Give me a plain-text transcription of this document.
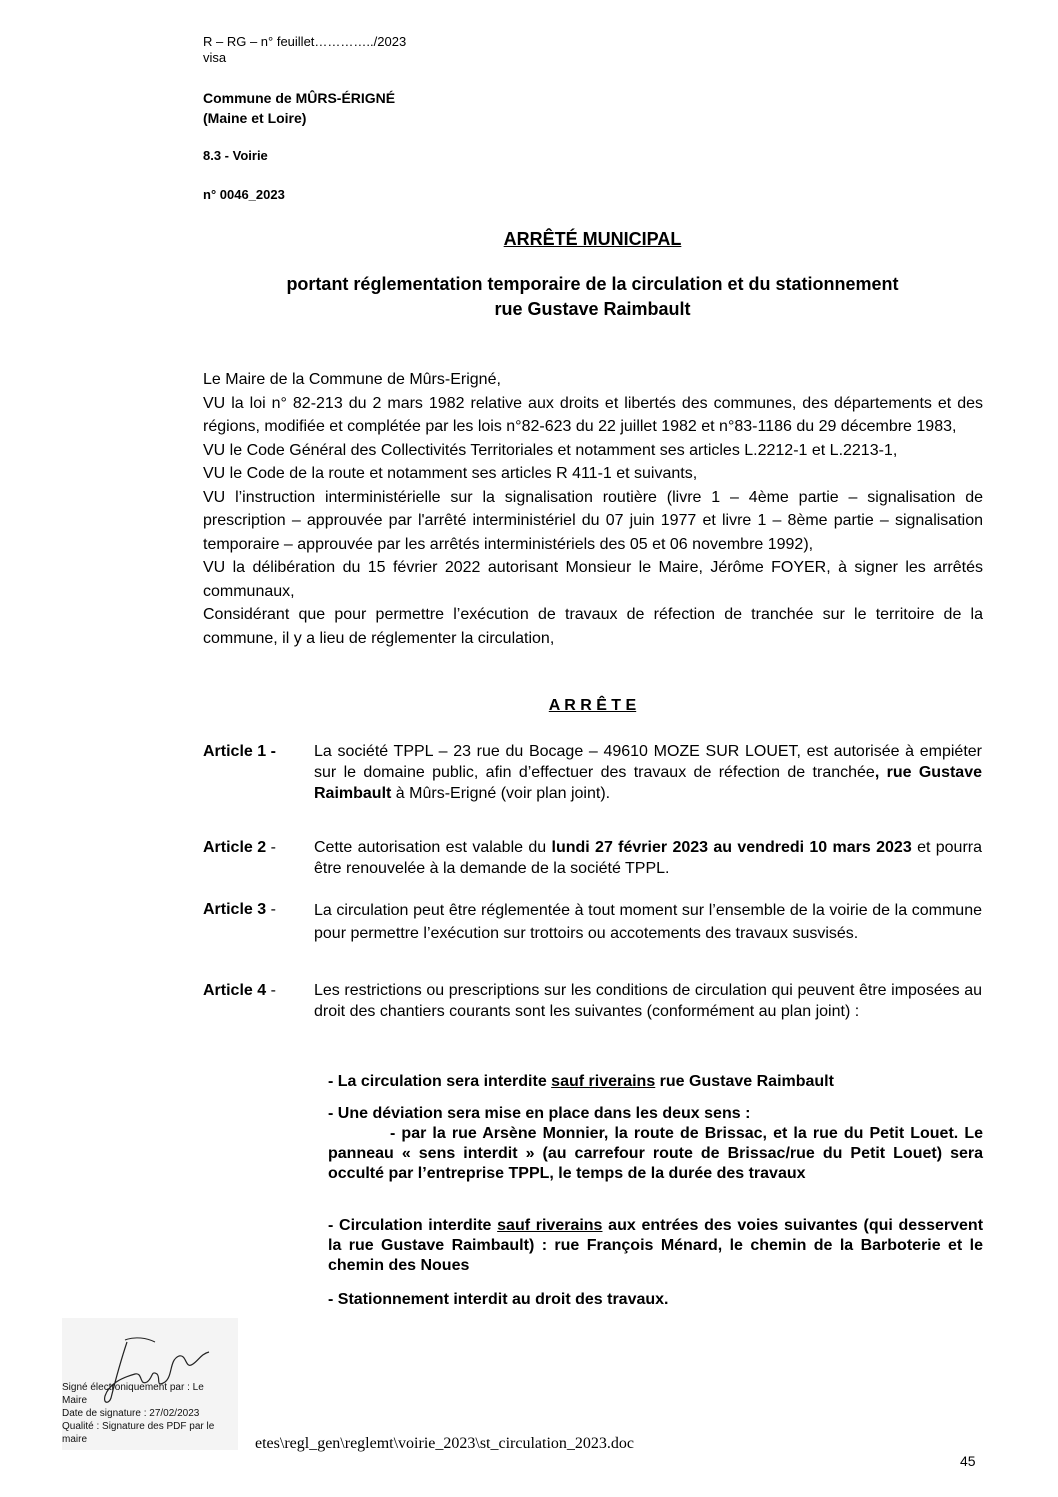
R – RG – n° feuillet…………../2023
visa
Commune de MÛRS-ÉRIGNÉ
(Maine et Loire)
8.3 - Voirie
n° 0046_2023
ARRÊTÉ MUNICIPAL
portant réglementation temporaire de la circulation et du stationnement
rue Gustave Raimbault

Le Maire de la Commune de Mûrs-Erigné,

VU la loi n° 82-213 du 2 mars 1982 relative aux droits et libertés des communes, des départements et des régions, modifiée et complétée par les lois n°82-623 du 22 juillet 1982 et n°83-1186 du 29 décembre 1983,

VU le Code Général des Collectivités Territoriales et notamment ses articles L.2212-1 et L.2213-1,

VU le Code de la route et notamment ses articles R 411-1 et suivants,

VU l’instruction interministérielle sur la signalisation routière (livre 1 – 4ème partie – signalisation de prescription – approuvée par l'arrêté interministériel du 07 juin 1977 et livre 1 – 8ème partie – signalisation temporaire – approuvée par les arrêtés interministériels des 05 et 06 novembre 1992),

VU la délibération du 15 février 2022 autorisant Monsieur le Maire, Jérôme FOYER, à signer les arrêtés communaux,

Considérant que pour permettre l’exécution de travaux de réfection de tranchée sur le territoire de la commune, il y a lieu de réglementer la circulation,

A R R Ê T E
Article 1 -	La société TPPL – 23 rue du Bocage – 49610 MOZE SUR LOUET, est autorisée à empiéter sur le domaine public, afin d’effectuer des travaux de réfection de tranchée, rue Gustave Raimbault à Mûrs-Erigné (voir plan joint).
Article 2 -	Cette autorisation est valable du lundi 27 février 2023 au vendredi 10 mars 2023 et pourra être renouvelée à la demande de la société TPPL.
Article 3 -	La circulation peut être réglementée à tout moment sur l’ensemble de la voirie de la commune pour permettre l’exécution sur trottoirs ou accotements des travaux susvisés.
Article 4 -	Les restrictions ou prescriptions sur les conditions de circulation qui peuvent être imposées au droit des chantiers courants sont les suivantes (conformément au plan joint) :
- La circulation sera interdite sauf riverains rue Gustave Raimbault
- Une déviation sera mise en place dans les deux sens :
- par la rue Arsène Monnier, la route de Brissac, et la rue du Petit Louet. Le panneau « sens interdit » (au carrefour route de Brissac/rue du Petit Louet) sera occulté par l’entreprise TPPL, le temps de la durée des travaux
- Circulation interdite sauf riverains aux entrées des voies suivantes (qui desservent la rue Gustave Raimbault) : rue François Ménard, le chemin de la Barboterie et le chemin des Noues
- Stationnement interdit au droit des travaux.
Signé électroniquement par : Le Maire
Date de signature : 27/02/2023
Qualité : Signature des PDF par le maire	etes\regl_gen\reglemt\voirie_2023\st_circulation_2023.doc
45
